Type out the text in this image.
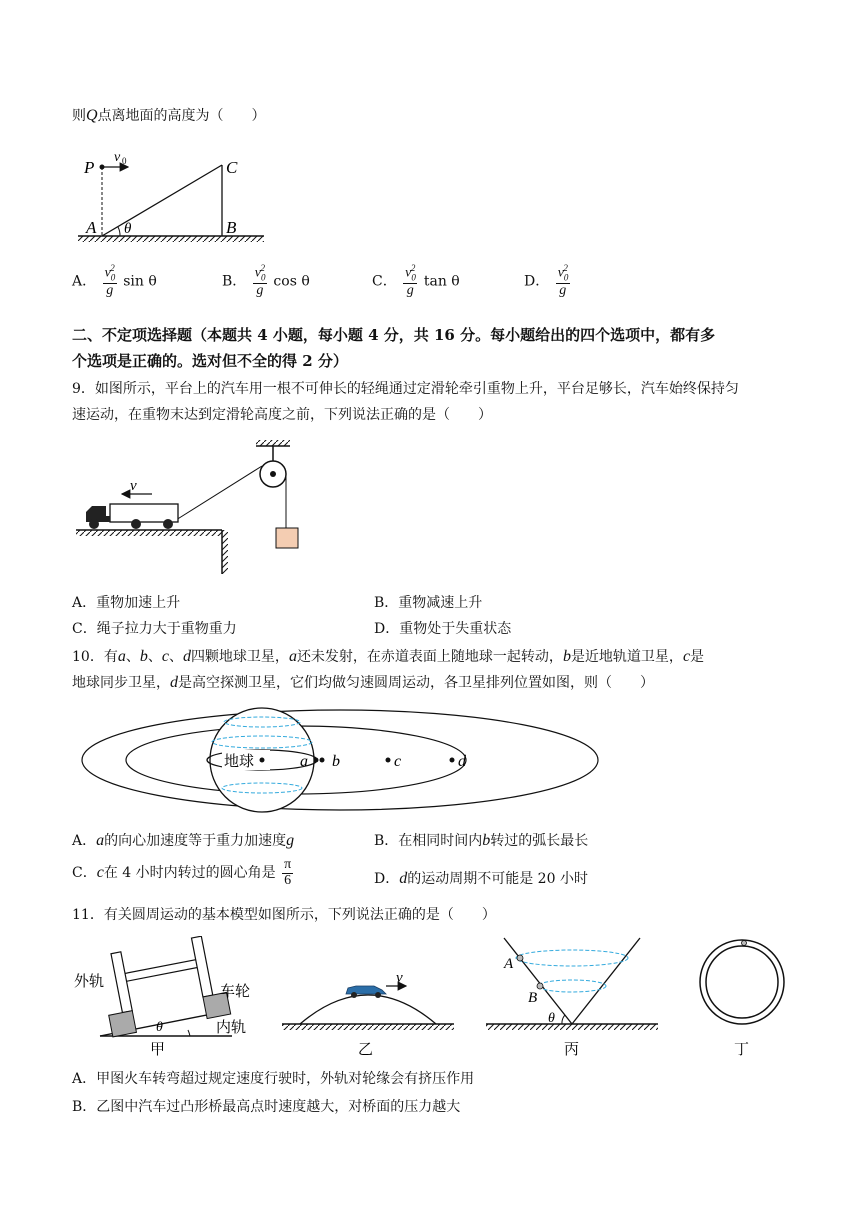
则Q点离地面的高度为（　　）
P
v 0	C
A θ	B
A． $\frac{v_0^2}{g}$ sin θ	B． $\frac{v_0^2}{g}$ cos θ	C． $\frac{v_0^2}{g}$ tan θ	D． $\frac{v_0^2}{g}$
二、不定项选择题（本题共 4 小题，每小题 4 分，共 16 分。每小题给出的四个选项中，都有多
个选项是正确的。选对但不全的得 2 分）
9．如图所示，平台上的汽车用一根不可伸长的轻绳通过定滑轮牵引重物上升，平台足够长，汽车始终保持匀
速运动，在重物末达到定滑轮高度之前，下列说法正确的是（　　）
v
A．重物加速上升	B．重物减速上升
C．绳子拉力大于重物重力	D．重物处于失重状态
10．有a、b、c、d四颗地球卫星，a还未发射，在赤道表面上随地球一起转动，b是近地轨道卫星，c是
地球同步卫星，d是高空探测卫星，它们均做匀速圆周运动，各卫星排列位置如图，则（　　）
地球	a b	c	d
A．a的向心加速度等于重力加速度g	B．在相同时间内b转过的弧长最长
C．c在 4 小时内转过的圆心角是 $\frac{\pi}{6}$	D．d的运动周期不可能是 20 小时
11．有关圆周运动的基本模型如图所示，下列说法正确的是（　　）
外轨
车轮
θ	内轨
甲
v
乙
A
B
θ
丙	丁
A．甲图火车转弯超过规定速度行驶时，外轨对轮缘会有挤压作用
B．乙图中汽车过凸形桥最高点时速度越大，对桥面的压力越大
